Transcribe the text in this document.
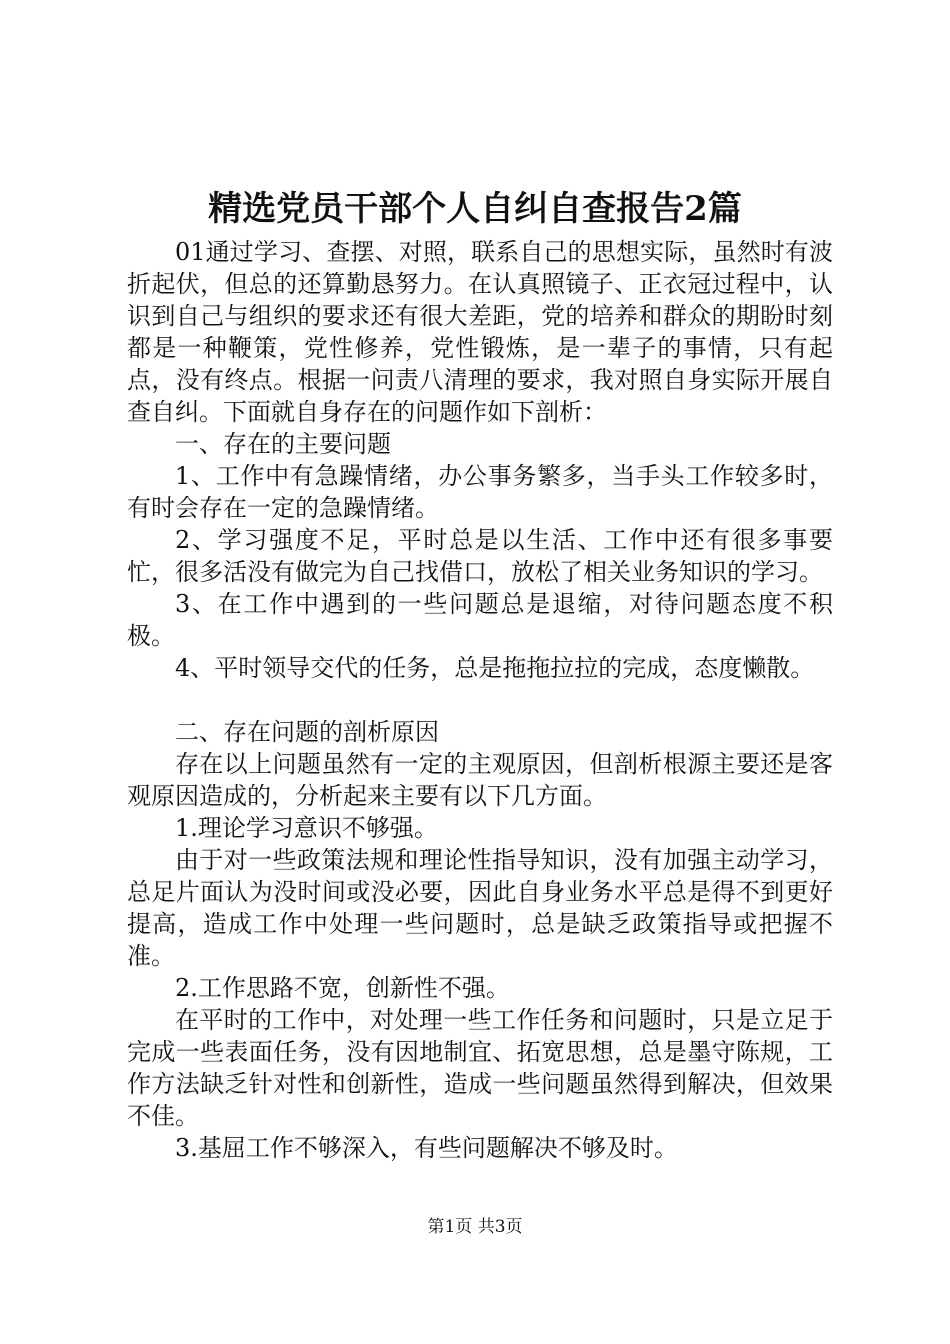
精选党员干部个人自纠自查报告2篇

01通过学习、查摆、对照，联系自己的思想实际，虽然时有波折起伏，但总的还算勤恳努力。在认真照镜子、正衣冠过程中，认识到自己与组织的要求还有很大差距，党的培养和群众的期盼时刻都是一种鞭策，党性修养，党性锻炼，是一辈子的事情，只有起点，没有终点。根据一问责八清理的要求，我对照自身实际开展自查自纠。下面就自身存在的问题作如下剖析：

一、存在的主要问题

1、工作中有急躁情绪，办公事务繁多，当手头工作较多时，有时会存在一定的急躁情绪。

2、学习强度不足，平时总是以生活、工作中还有很多事要忙，很多活没有做完为自己找借口，放松了相关业务知识的学习。

3、在工作中遇到的一些问题总是退缩，对待问题态度不积极。

4、平时领导交代的任务，总是拖拖拉拉的完成，态度懒散。

二、存在问题的剖析原因

存在以上问题虽然有一定的主观原因，但剖析根源主要还是客观原因造成的，分析起来主要有以下几方面。

1.理论学习意识不够强。

由于对一些政策法规和理论性指导知识，没有加强主动学习，总足片面认为没时间或没必要，因此自身业务水平总是得不到更好提高，造成工作中处理一些问题时，总是缺乏政策指导或把握不准。

2.工作思路不宽，创新性不强。

在平时的工作中，对处理一些工作任务和问题时，只是立足于完成一些表面任务，没有因地制宜、拓宽思想，总是墨守陈规，工作方法缺乏针对性和创新性，造成一些问题虽然得到解决，但效果不佳。

3.基屈工作不够深入，有些问题解决不够及时。

第1页 共3页
